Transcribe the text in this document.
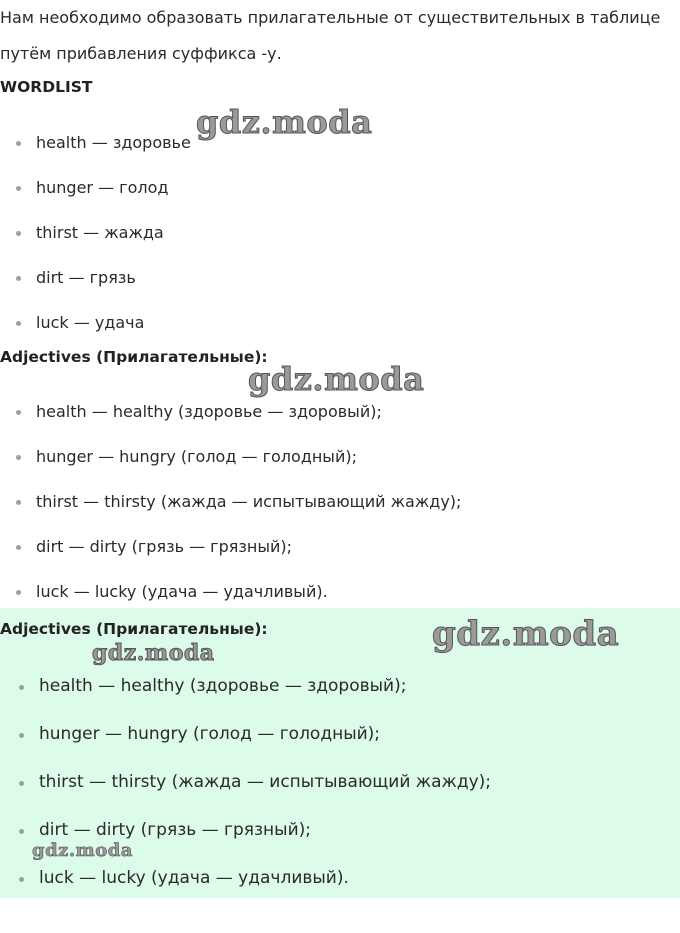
Нам необходимо образовать прилагательные от существительных в таблице
путём прибавления суффикса -у.
WORDLIST
health — здоровье
hunger — голод
thirst — жажда
dirt — грязь
luck — удача
Adjectives (Прилагательные):
health — healthy (здоровье — здоровый);
hunger — hungry (голод — голодный);
thirst — thirsty (жажда — испытывающий жажду);
dirt — dirty (грязь — грязный);
luck — lucky (удача — удачливый).
Adjectives (Прилагательные):
health — healthy (здоровье — здоровый);
hunger — hungry (голод — голодный);
thirst — thirsty (жажда — испытывающий жажду);
dirt — dirty (грязь — грязный);
luck — lucky (удача — удачливый).
gdz.moda
gdz.moda
gdz.moda
gdz.moda
gdz.moda
